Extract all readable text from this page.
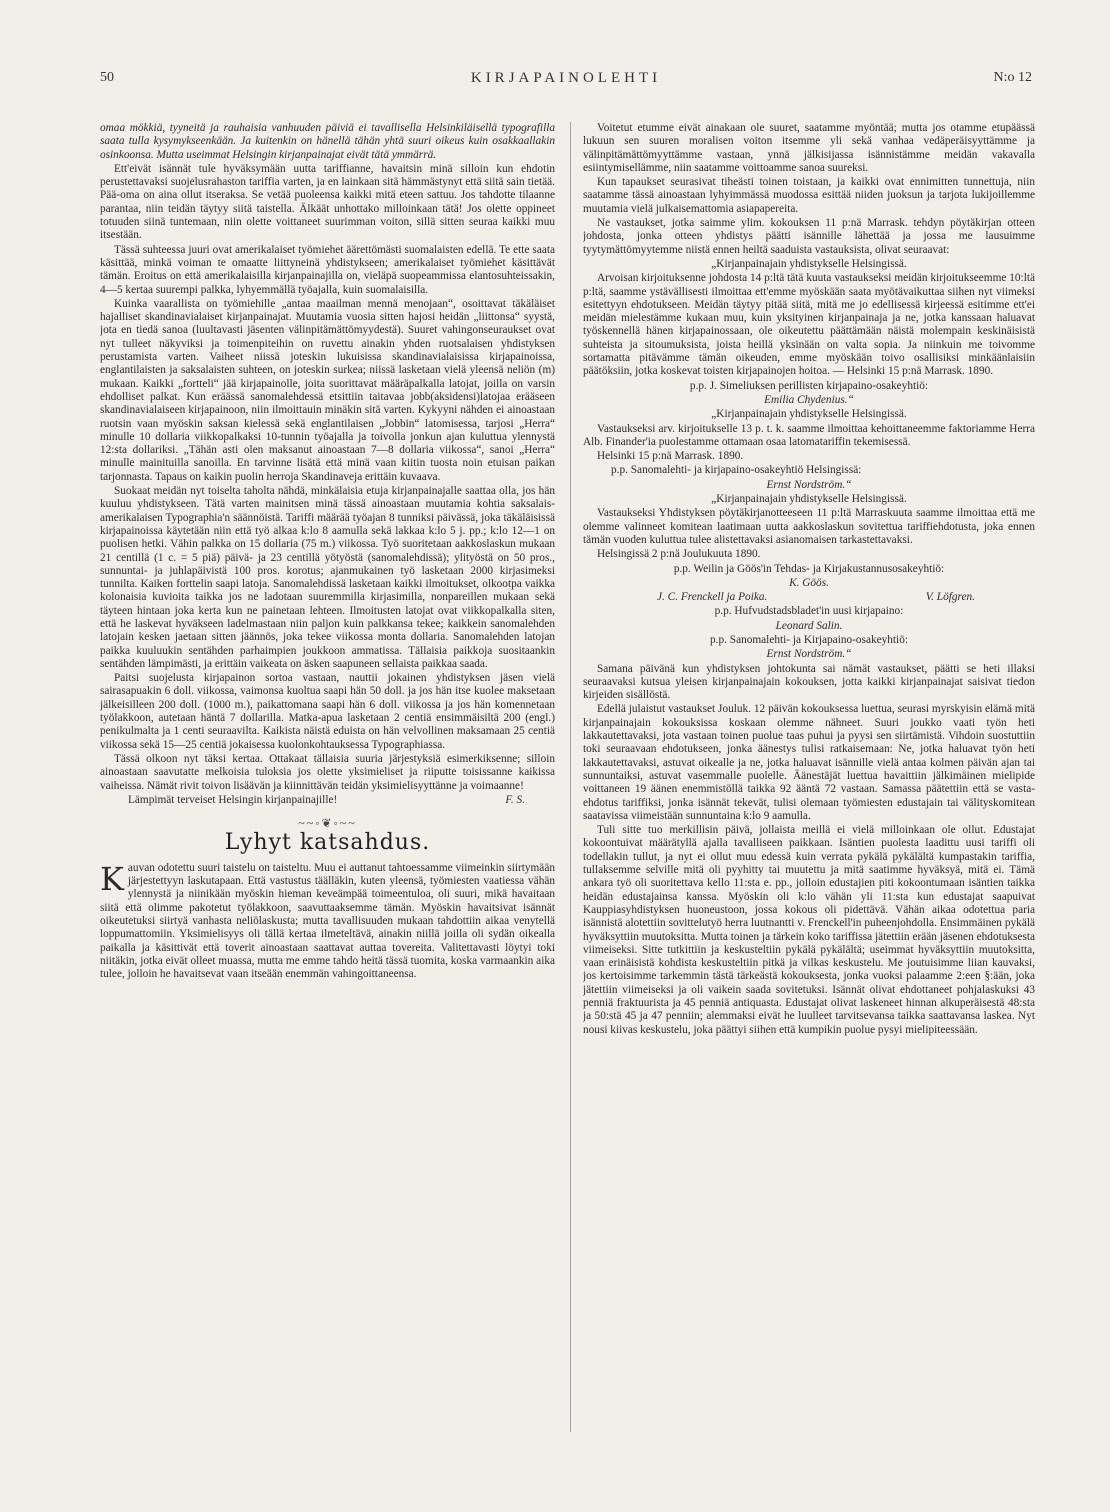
50	KIRJAPAINOLEHTI	N:o 12

omaa mökkiä, tyyneitä ja rauhaisia vanhuuden päiviä ei tavallisella Helsinkiläisellä typografilla saata tulla kysymykseenkään. Ja kuitenkin on hänellä tähän yhtä suuri oikeus kuin osakkaallakin osinkoonsa. Mutta useimmat Helsingin kirjanpainajat eivät tätä ymmärrä.

Ett'eivät isännät tule hyväksymään uutta tariffianne, havaitsin minä silloin kun ehdotin perustettavaksi suojelusrahaston tariffia varten, ja en lainkaan sitä hämmästynyt että siitä sain tietää. Pää-oma on aina ollut itseraksa. Se vetää puoleensa kaikki mitä eteen sattuu. Jos tahdotte tilaanne parantaa, niin teidän täytyy siitä taistella. Älkäät unhottako milloinkaan tätä! Jos olette oppineet totuuden siinä tuntemaan, niin olette voittaneet suurimman voiton, sillä sitten seuraa kaikki muu itsestään.

Tässä suhteessa juuri ovat amerikalaiset työmiehet äärettömästi suomalaisten edellä. Te ette saata käsittää, minkä voiman te omaatte liittyneinä yhdistykseen; amerikalaiset työmiehet käsittävät tämän. Eroitus on että amerikalaisilla kirjanpainajilla on, vieläpä suopeammissa elantosuhteissakin, 4—5 kertaa suurempi palkka, lyhyemmällä työajalla, kuin suomalaisilla.

Kuinka vaarallista on työmiehille „antaa maailman mennä menojaan“, osoittavat täkäläiset hajalliset skandinavialaiset kirjanpainajat. Muutamia vuosia sitten hajosi heidän „liittonsa“ syystä, jota en tiedä sanoa (luultavasti jäsenten välinpitämättömyydestä). Suuret vahingonseuraukset ovat nyt tulleet näkyviksi ja toimenpiteihin on ruvettu ainakin yhden ruotsalaisen yhdistyksen perustamista varten. Vaiheet niissä joteskin lukuisissa skandinavialaisissa kirjapainoissa, englantilaisten ja saksalaisten suhteen, on joteskin surkea; niissä lasketaan vielä yleensä neliön (m) mukaan. Kaikki „fortteli“ jää kirjapainolle, joita suorittavat määräpalkalla latojat, joilla on varsin ehdolliset palkat. Kun eräässä sanomalehdessä etsittiin taitavaa jobb(aksidensi)latojaa erääseen skandinavialaiseen kirjapainoon, niin ilmoittauin minäkin sitä varten. Kykyyni nähden ei ainoastaan ruotsin vaan myöskin saksan kielessä sekä englantilaisen „Jobbin“ latomisessa, tarjosi „Herra“ minulle 10 dollaria viikkopalkaksi 10-tunnin työajalla ja toivolla jonkun ajan kuluttua ylennystä 12:sta dollariksi. „Tähän asti olen maksanut ainoastaan 7—8 dollaria viikossa“, sanoi „Herra“ minulle mainituilla sanoilla. En tarvinne lisätä että minä vaan kiitin tuosta noin etuisan paikan tarjonnasta. Tapaus on kaikin puolin herroja Skandinaveja erittäin kuvaava.

Suokaat meidän nyt toiselta taholta nähdä, minkälaisia etuja kirjanpainajalle saattaa olla, jos hän kuuluu yhdistykseen. Tätä varten mainitsen minä tässä ainoastaan muutamia kohtia saksalais-amerikalaisen Typographia'n säännöistä. Tariffi määrää työajan 8 tunniksi päivässä, joka täkäläisissä kirjapainoissa käytetään niin että työ alkaa k:lo 8 aamulla sekä lakkaa k:lo 5 j. pp.; k:lo 12—1 on puolisen hetki. Vähin palkka on 15 dollaria (75 m.) viikossa. Työ suoritetaan aakkoslaskun mukaan 21 centillä (1 c. = 5 piä) päivä- ja 23 centillä yötyöstä (sanomalehdissä); ylityöstä on 50 pros., sunnuntai- ja juhlapäivistä 100 pros. korotus; ajanmukainen työ lasketaan 2000 kirjasimeksi tunnilta. Kaiken forttelin saapi latoja. Sanomalehdissä lasketaan kaikki ilmoitukset, olkootpa vaikka kolonaisia kuvioita taikka jos ne ladotaan suuremmilla kirjasimilla, nonpareillen mukaan sekä täyteen hintaan joka kerta kun ne painetaan lehteen. Ilmoitusten latojat ovat viikkopalkalla siten, että he laskevat hyväkseen ladelmastaan niin paljon kuin palkkansa tekee; kaikkein sanomalehden latojain kesken jaetaan sitten jäännös, joka tekee viikossa monta dollaria. Sanomalehden latojan paikka kuuluukin sentähden parhaimpien joukkoon ammatissa. Tällaisia paikkoja suositaankin sentähden lämpimästi, ja erittäin vaikeata on äsken saapuneen sellaista paikkaa saada.

Paitsi suojelusta kirjapainon sortoa vastaan, nauttii jokainen yhdistyksen jäsen vielä sairasapuakin 6 doll. viikossa, vaimonsa kuoltua saapi hän 50 doll. ja jos hän itse kuolee maksetaan jälkeisilleen 200 doll. (1000 m.), paikattomana saapi hän 6 doll. viikossa ja jos hän komennetaan työlakkoon, autetaan häntä 7 dollarilla. Matka-apua lasketaan 2 centiä ensimmäisiltä 200 (engl.) penikulmalta ja 1 centi seuraavilta. Kaikista näistä eduista on hän velvollinen maksamaan 25 centiä viikossa sekä 15—25 centiä jokaisessa kuolonkohtauksessa Typographiassa.

Tässä olkoon nyt täksi kertaa. Ottakaat tällaisia suuria järjestyksiä esimerkiksenne; silloin ainoastaan saavutatte melkoisia tuloksia jos olette yksimieliset ja riiputte toisissanne kaikissa vaiheissa. Nämät rivit toivon lisäävän ja kiinnittävän teidän yksimielisyyttänne ja voimaanne!

Lämpimät terveiset Helsingin kirjanpainajille!	F. S.

~~◦❦◦~~
Lyhyt katsahdus.

Kauvan odotettu suuri taistelu on taisteltu. Muu ei auttanut tahtoessamme viimeinkin siirtymään järjestettyyn laskutapaan. Että vastustus täälläkin, kuten yleensä, työmiesten vaatiessa vähän ylennystä ja niinikään myöskin hieman keveämpää toimeentuloa, oli suuri, mikä havaitaan siitä että olimme pakotetut työlakkoon, saavuttaaksemme tämän. Myöskin havaitsivat isännät oikeutetuksi siirtyä vanhasta neliölaskusta; mutta tavallisuuden mukaan tahdottiin aikaa venytellä loppumattomiin. Yksimielisyys oli tällä kertaa ilmeteltävä, ainakin niillä joilla oli sydän oikealla paikalla ja käsittivät että toverit ainoastaan saattavat auttaa tovereita. Valitettavasti löytyi toki niitäkin, jotka eivät olleet muassa, mutta me emme tahdo heitä tässä tuomita, koska varmaankin aika tulee, jolloin he havaitsevat vaan itseään enemmän vahingoittaneensa.

Voitetut etumme eivät ainakaan ole suuret, saatamme myöntää; mutta jos otamme etupäässä lukuun sen suuren moralisen voiton itsemme yli sekä vanhaa vedäperäisyyttämme ja välinpitämättömyyttämme vastaan, ynnä jälkisijassa isännistämme meidän vakavalla esiintymisellämme, niin saatamme voittoamme sanoa suureksi.

Kun tapaukset seurasivat tiheästi toinen toistaan, ja kaikki ovat ennimitten tunnettuja, niin saatamme tässä ainoastaan lyhyimmässä muodossa esittää niiden juoksun ja tarjota lukijoillemme muutamia vielä julkaisemattomia asiapapereita.

Ne vastaukset, jotka saimme ylim. kokouksen 11 p:nä Marrask. tehdyn pöytäkirjan otteen johdosta, jonka otteen yhdistys päätti isännille lähettää ja jossa me lausuimme tyytymättömyytemme niistä ennen heiltä saaduista vastauksista, olivat seuraavat:

„Kirjanpainajain yhdistykselle Helsingissä.

Arvoisan kirjoituksenne johdosta 14 p:ltä tätä kuuta vastaukseksi meidän kirjoitukseemme 10:ltä p:ltä, saamme ystävällisesti ilmoittaa ett'emme myöskään saata myötävaikuttaa siihen nyt viimeksi esitettyyn ehdotukseen. Meidän täytyy pitää siitä, mitä me jo edellisessä kirjeessä esitimme ett'ei meidän mielestämme kukaan muu, kuin yksityinen kirjanpainaja ja ne, jotka kanssaan haluavat työskennellä hänen kirjapainossaan, ole oikeutettu päättämään näistä molempain keskinäisistä suhteista ja sitoumuksista, joista heillä yksinään on valta sopia. Ja niinkuin me toivomme sortamatta pitävämme tämän oikeuden, emme myöskään toivo osallisiksi minkäänlaisiin päätöksiin, jotka koskevat toisten kirjapainojen hoitoa. — Helsinki 15 p:nä Marrask. 1890.

p.p. J. Simeliuksen perillisten kirjapaino-osakeyhtiö:

Emilia Chydenius.“

„Kirjanpainajain yhdistykselle Helsingissä.

Vastaukseksi arv. kirjoitukselle 13 p. t. k. saamme ilmoittaa kehoittaneemme faktoriamme Herra Alb. Finander'ia puolestamme ottamaan osaa latomatariffin tekemisessä.

Helsinki 15 p:nä Marrask. 1890.

p.p. Sanomalehti- ja kirjapaino-osakeyhtiö Helsingissä:

Ernst Nordström.“

„Kirjanpainajain yhdistykselle Helsingissä.

Vastaukseksi Yhdistyksen pöytäkirjanotteeseen 11 p:ltä Marraskuuta saamme ilmoittaa että me olemme valinneet komitean laatimaan uutta aakkoslaskun sovitettua tariffiehdotusta, joka ennen tämän vuoden kuluttua tulee alistettavaksi asianomaisen tarkastettavaksi.

Helsingissä 2 p:nä Joulukuuta 1890.

p.p. Weilin ja Göös'in Tehdas- ja Kirjakustannusosakeyhtiö:

K. Göös.

J. C. Frenckell ja Poika.	V. Löfgren.

p.p. Hufvudstadsbladet'in uusi kirjapaino:

Leonard Salin.

p.p. Sanomalehti- ja Kirjapaino-osakeyhtiö:

Ernst Nordström.“

Samana päivänä kun yhdistyksen johtokunta sai nämät vastaukset, päätti se heti illaksi seuraavaksi kutsua yleisen kirjanpainajain kokouksen, jotta kaikki kirjanpainajat saisivat tiedon kirjeiden sisällöstä.

Edellä julaistut vastaukset Jouluk. 12 päivän kokouksessa luettua, seurasi myrskyisin elämä mitä kirjanpainajain kokouksissa koskaan olemme nähneet. Suuri joukko vaati työn heti lakkautettavaksi, jota vastaan toinen puolue taas puhui ja pyysi sen siirtämistä. Vihdoin suostuttiin toki seuraavaan ehdotukseen, jonka äänestys tulisi ratkaisemaan: Ne, jotka haluavat työn heti lakkautettavaksi, astuvat oikealle ja ne, jotka haluavat isännille vielä antaa kolmen päivän ajan tai sunnuntaiksi, astuvat vasemmalle puolelle. Äänestäjät luettua havaittiin jälkimäinen mielipide voittaneen 19 äänen enemmistöllä taikka 92 ääntä 72 vastaan. Samassa päätettiin että se vasta-ehdotus tariffiksi, jonka isännät tekevät, tulisi olemaan työmiesten edustajain tai välityskomitean saatavissa viimeistään sunnuntaina k:lo 9 aamulla.

Tuli sitte tuo merkillisin päivä, jollaista meillä ei vielä milloinkaan ole ollut. Edustajat kokoontuivat määrätyllä ajalla tavalliseen paikkaan. Isäntien puolesta laadittu uusi tariffi oli todellakin tullut, ja nyt ei ollut muu edessä kuin verrata pykälä pykälältä kumpastakin tariffia, tullaksemme selville mitä oli pyyhitty tai muutettu ja mitä saatimme hyväksyä, mitä ei. Tämä ankara työ oli suoritettava kello 11:sta e. pp., jolloin edustajien piti kokoontumaan isäntien taikka heidän edustajainsa kanssa. Myöskin oli k:lo vähän yli 11:sta kun edustajat saapuivat Kauppiasyhdistyksen huoneustoon, jossa kokous oli pidettävä. Vähän aikaa odotettua paria isännistä alotettiin sovittelutyö herra luutnantti v. Frenckell'in puheenjohdolla. Ensimmäinen pykälä hyväksyttiin muutoksitta. Mutta toinen ja tärkein koko tariffissa jätettiin erään jäsenen ehdotuksesta viimeiseksi. Sitte tutkittiin ja keskusteltiin pykälä pykälältä; useimmat hyväksyttiin muutoksitta, vaan erinäisistä kohdista keskusteltiin pitkä ja vilkas keskustelu. Me joutuisimme liian kauvaksi, jos kertoisimme tarkemmin tästä tärkeästä kokouksesta, jonka vuoksi palaamme 2:een §:ään, joka jätettiin viimeiseksi ja oli vaikein saada sovitetuksi. Isännät olivat ehdottaneet pohjalaskuksi 43 penniä fraktuurista ja 45 penniä antiquasta. Edustajat olivat laskeneet hinnan alkuperäisestä 48:sta ja 50:stä 45 ja 47 penniin; alemmaksi eivät he luulleet tarvitsevansa taikka saattavansa laskea. Nyt nousi kiivas keskustelu, joka päättyi siihen että kumpikin puolue pysyi mielipiteessään.
